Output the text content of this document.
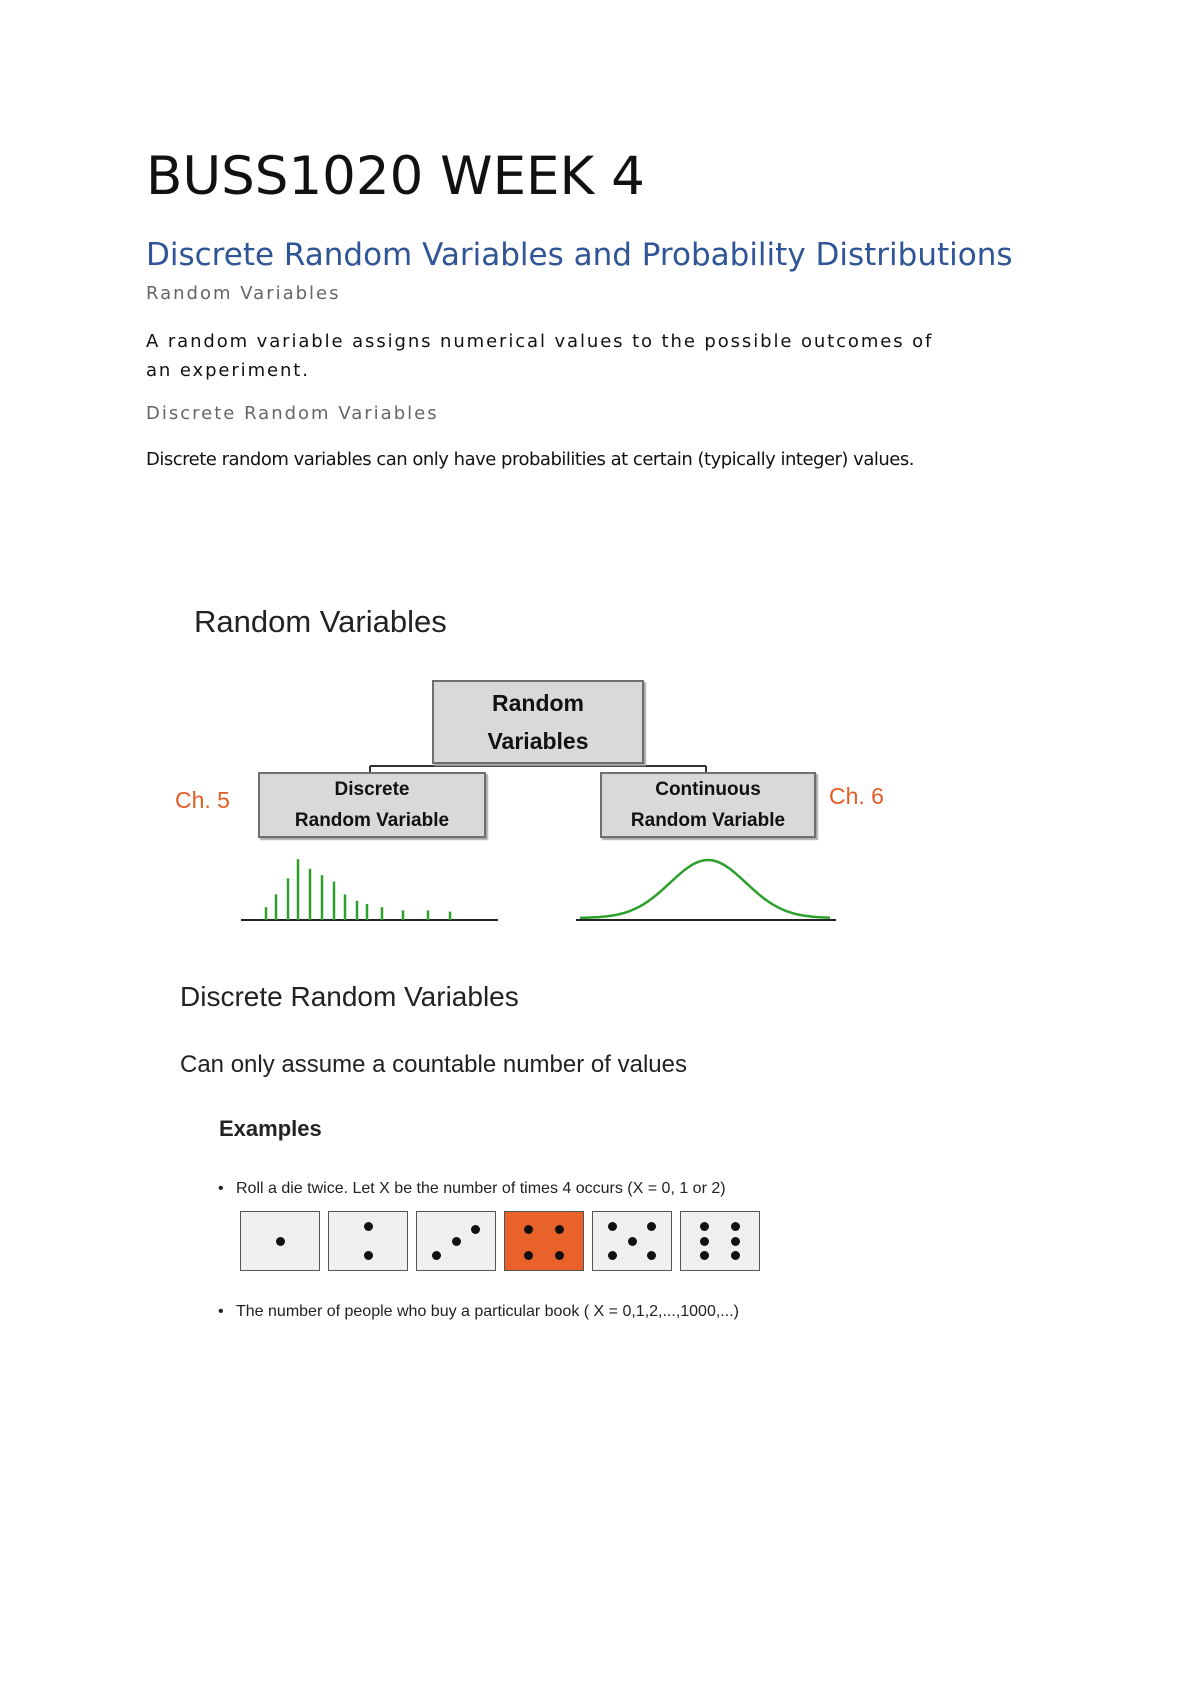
BUSS1020 WEEK 4
Discrete Random Variables and Probability Distributions
Random Variables
A random variable assigns numerical values to the possible outcomes of an experiment.
Discrete Random Variables
Discrete random variables can only have probabilities at certain (typically integer) values.
Random Variables
Random
Variables
Discrete
Random Variable
Continuous
Random Variable
Ch. 5	Ch. 6
Discrete Random Variables
Can only assume a countable number of values
Examples
• Roll a die twice. Let X be the number of times 4 occurs (X = 0, 1 or 2)
• The number of people who buy a particular book ( X = 0,1,2,...,1000,...)
